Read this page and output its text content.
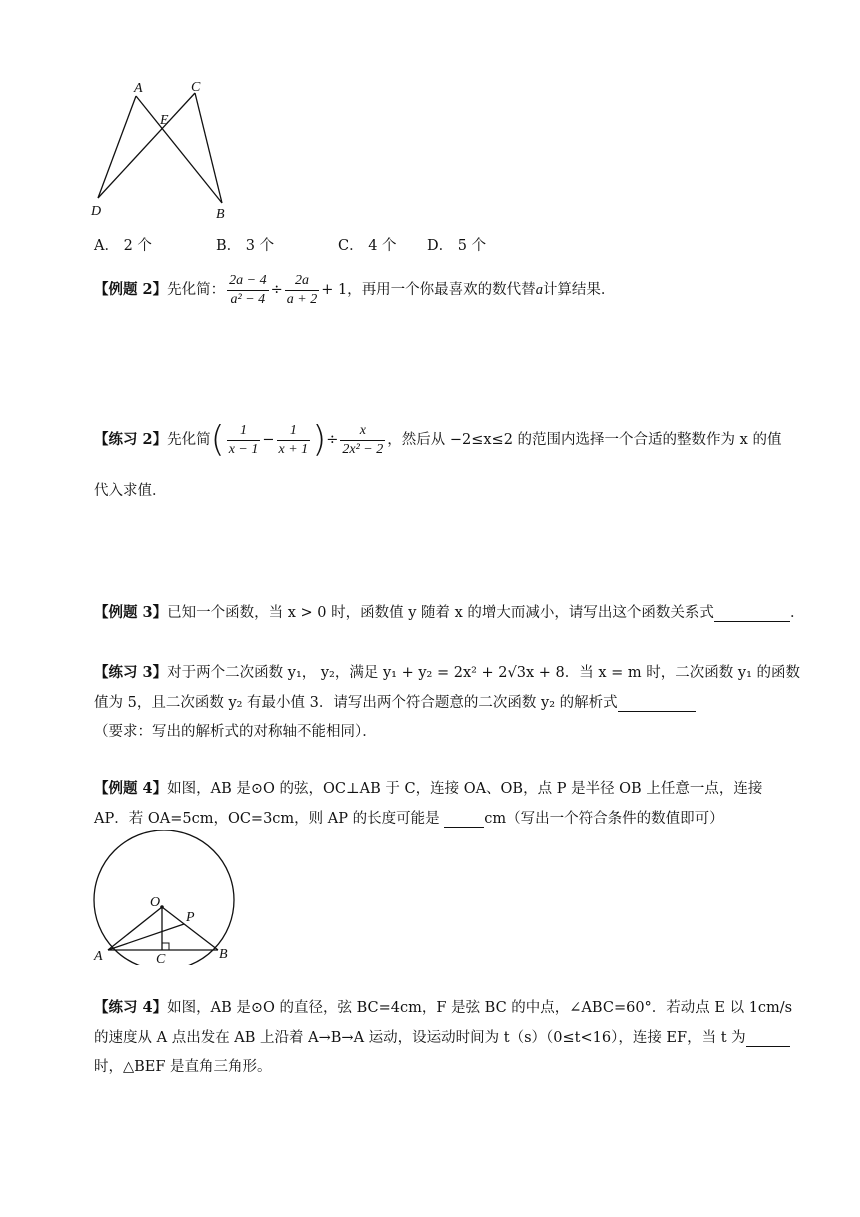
A	C
E
D	B
A． 2 个	B． 3 个	C． 4 个 D． 5 个
【例题 2】先化简： $\frac{2a - 4}{\text{a² − 4}} \div \frac{2a}{a + 2} + 1$，再用一个你最喜欢的数代替a计算结果．
【练习 2】先化简( $\frac{1}{x - 1} - \frac{1}{x + 1}$ )÷ $\frac{x}{\text{2x² − 2}}$ ，然后从 −2≤x≤2 的范围内选择一个合适的整数作为 x 的值
代入求值．
【例题 3】已知一个函数，当 x > 0 时，函数值 y 随着 x 的增大而减小，请写出这个函数关系式	．
【练习 3】对于两个二次函数 y₁， y₂，满足 y₁ + y₂ = 2x² + 2√3x + 8．当 x = m 时，二次函数 y₁ 的函数
值为 5，且二次函数 y₂ 有最小值 3．请写出两个符合题意的二次函数 y₂ 的解析式
（要求：写出的解析式的对称轴不能相同）．
【例题 4】如图，AB 是⊙O 的弦，OC⊥AB 于 C，连接 OA、OB，点 P 是半径 OB 上任意一点，连接
AP．若 OA=5cm，OC=3cm，则 AP 的长度可能是	cm（写出一个符合条件的数值即可）
O
P
A	C	B
【练习 4】如图，AB 是⊙O 的直径，弦 BC=4cm，F 是弦 BC 的中点，∠ABC=60°．若动点 E 以 1cm/s
的速度从 A 点出发在 AB 上沿着 A→B→A 运动，设运动时间为 t（s）（0≤t<16），连接 EF，当 t 为
时，△BEF 是直角三角形。
